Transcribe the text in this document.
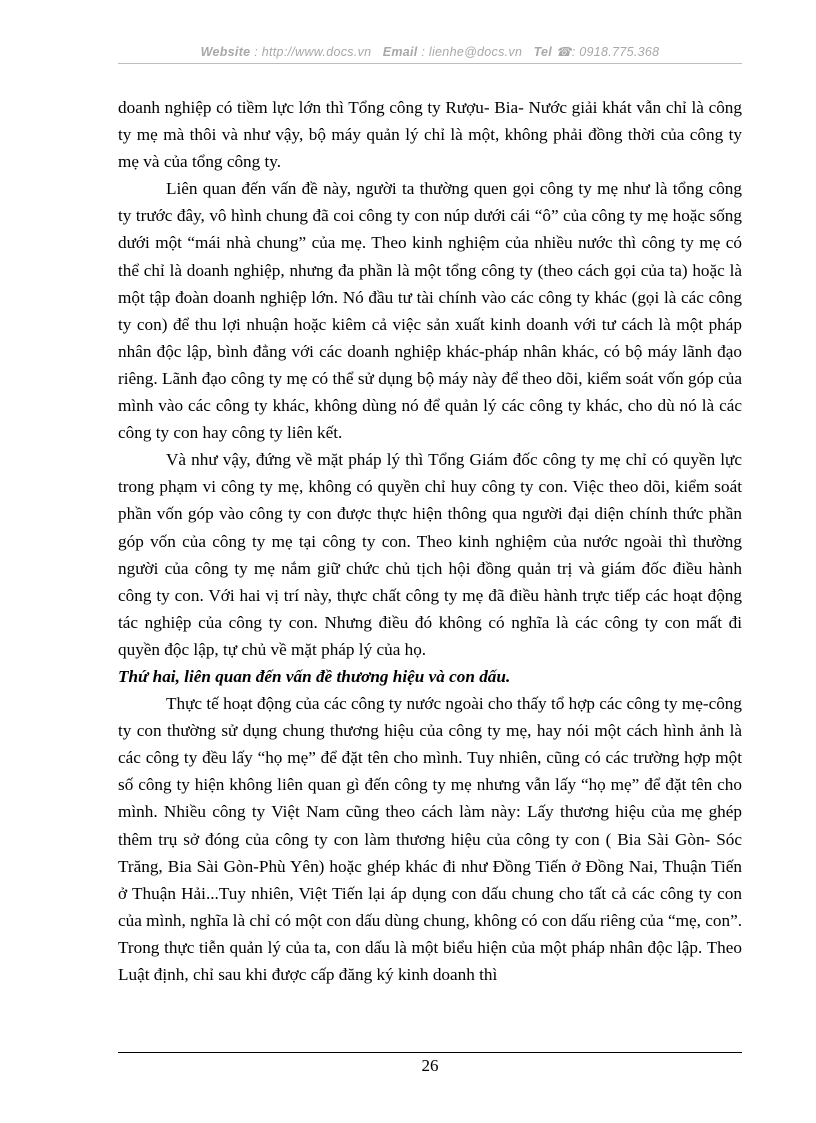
Website : http://www.docs.vn Email : lienhe@docs.vn Tel ☎: 0918.775.368

doanh nghiệp có tiềm lực lớn thì Tổng công ty Rượu- Bia- Nước giải khát vẫn chỉ là công ty mẹ mà thôi và như vậy, bộ máy quản lý chỉ là một, không phải đồng thời của công ty mẹ và của tổng công ty.

Liên quan đến vấn đề này, người ta thường quen gọi công ty mẹ như là tổng công ty trước đây, vô hình chung đã coi công ty con núp dưới cái “ô” của công ty mẹ hoặc sống dưới một “mái nhà chung” của mẹ. Theo kinh nghiệm của nhiều nước thì công ty mẹ có thể chỉ là doanh nghiệp, nhưng đa phần là một tổng công ty (theo cách gọi của ta) hoặc là một tập đoàn doanh nghiệp lớn. Nó đầu tư tài chính vào các công ty khác (gọi là các công ty con) để thu lợi nhuận hoặc kiêm cả việc sản xuất kinh doanh với tư cách là một pháp nhân độc lập, bình đẳng với các doanh nghiệp khác-pháp nhân khác, có bộ máy lãnh đạo riêng. Lãnh đạo công ty mẹ có thể sử dụng bộ máy này để theo dõi, kiểm soát vốn góp của mình vào các công ty khác, không dùng nó để quản lý các công ty khác, cho dù nó là các công ty con hay công ty liên kết.

Và như vậy, đứng về mặt pháp lý thì Tổng Giám đốc công ty mẹ chỉ có quyền lực trong phạm vi công ty mẹ, không có quyền chỉ huy công ty con. Việc theo dõi, kiểm soát phần vốn góp vào công ty con được thực hiện thông qua người đại diện chính thức phần góp vốn của công ty mẹ tại công ty con. Theo kinh nghiệm của nước ngoài thì thường người của công ty mẹ nắm giữ chức chủ tịch hội đồng quản trị và giám đốc điều hành công ty con. Với hai vị trí này, thực chất công ty mẹ đã điều hành trực tiếp các hoạt động tác nghiệp của công ty con. Nhưng điều đó không có nghĩa là các công ty con mất đi quyền độc lập, tự chủ về mặt pháp lý của họ.

Thứ hai, liên quan đến vấn đề thương hiệu và con dấu.

Thực tế hoạt động của các công ty nước ngoài cho thấy tổ hợp các công ty mẹ-công ty con thường sử dụng chung thương hiệu của công ty mẹ, hay nói một cách hình ảnh là các công ty đều lấy “họ mẹ” để đặt tên cho mình. Tuy nhiên, cũng có các trường hợp một số công ty hiện không liên quan gì đến công ty mẹ nhưng vẫn lấy “họ mẹ” để đặt tên cho mình. Nhiều công ty Việt Nam cũng theo cách làm này: Lấy thương hiệu của mẹ ghép thêm trụ sở đóng của công ty con làm thương hiệu của công ty con ( Bia Sài Gòn- Sóc Trăng, Bia Sài Gòn-Phù Yên) hoặc ghép khác đi như Đồng Tiến ở Đồng Nai, Thuận Tiến ở Thuận Hải...Tuy nhiên, Việt Tiến lại áp dụng con dấu chung cho tất cả các công ty con của mình, nghĩa là chỉ có một con dấu dùng chung, không có con dấu riêng của “mẹ, con”. Trong thực tiễn quản lý của ta, con dấu là một biểu hiện của một pháp nhân độc lập. Theo Luật định, chỉ sau khi được cấp đăng ký kinh doanh thì

26
